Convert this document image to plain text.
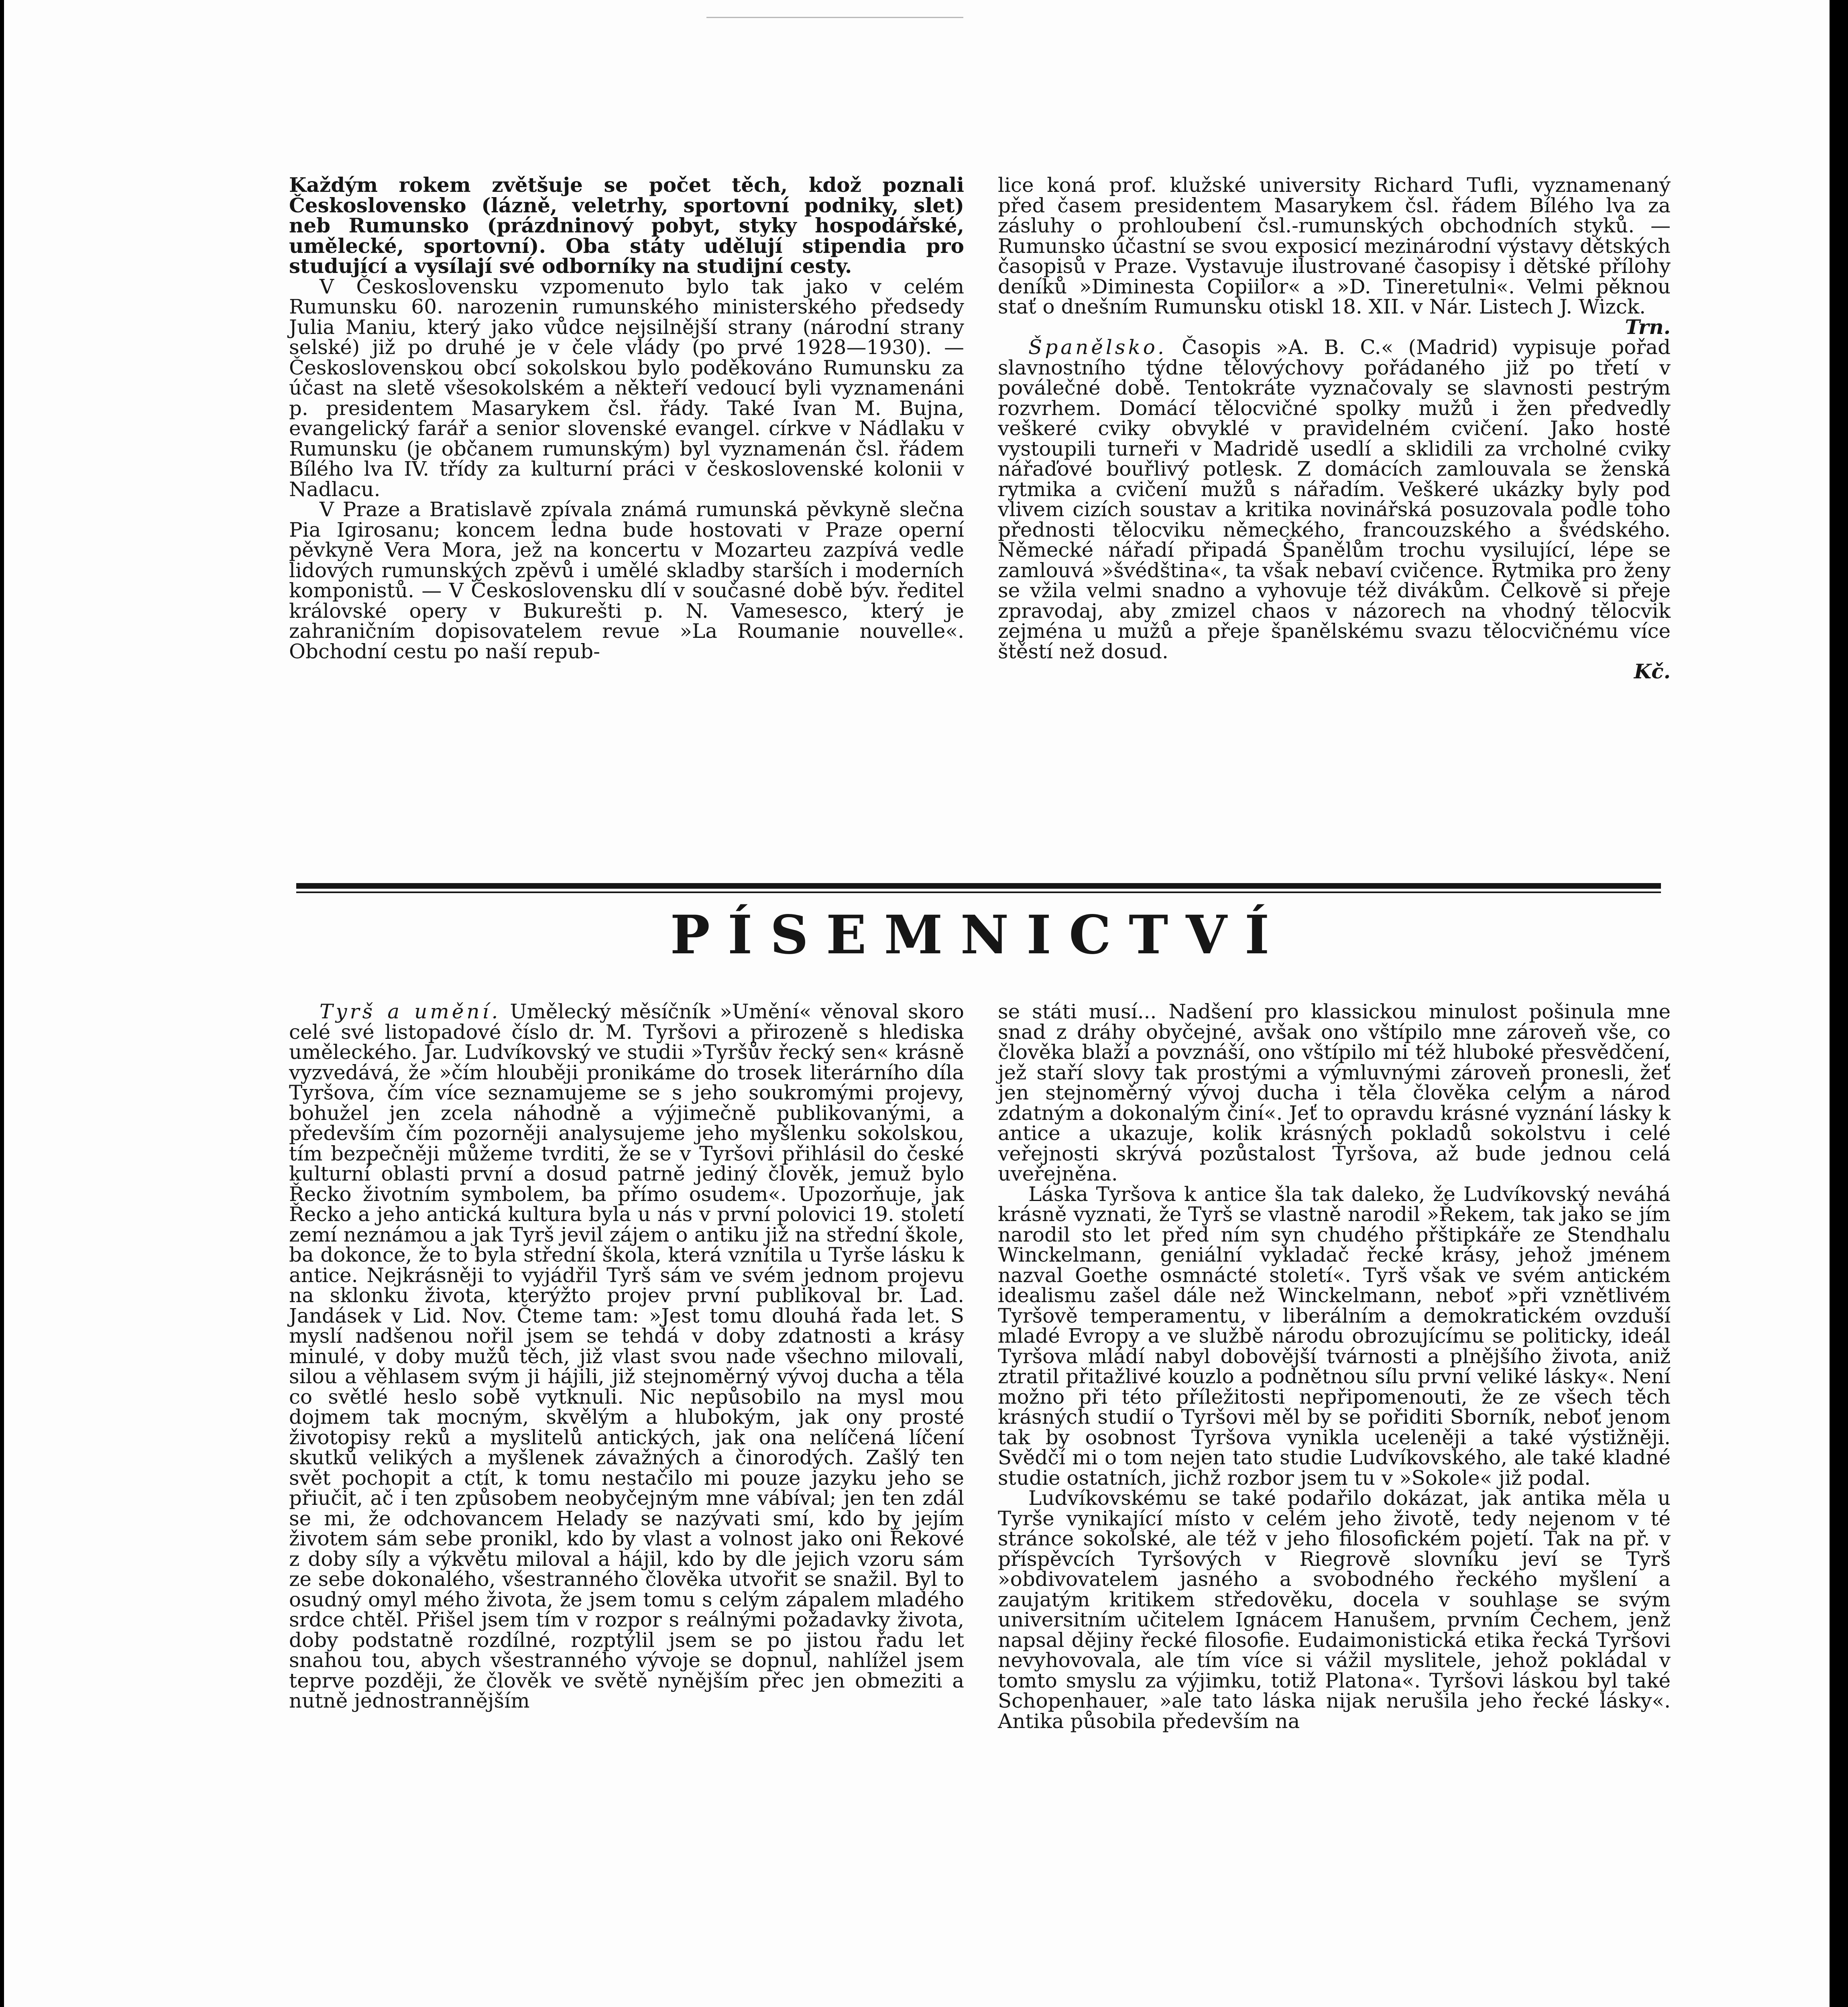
Každým rokem zvětšuje se počet těch, kdož poznali Československo (lázně, veletrhy, sportovní podniky, slet) neb Rumunsko (prázdninový pobyt, styky hospodářské, umělecké, sportovní). Oba státy udělují stipendia pro studující a vysílají své odborníky na studijní cesty.

V Československu vzpomenuto bylo tak jako v celém Rumunsku 60. narozenin rumunského ministerského předsedy Julia Maniu, který jako vůdce nejsilnější strany (národní strany selské) již po druhé je v čele vlády (po prvé 1928—1930). — Československou obcí sokolskou bylo poděkováno Rumunsku za účast na sletě všesokolském a někteří vedoucí byli vyznamenáni p. presidentem Masarykem čsl. řády. Také Ivan M. Bujna, evangelický farář a senior slovenské evangel. církve v Nádlaku v Rumunsku (je občanem rumunským) byl vyznamenán čsl. řádem Bílého lva IV. třídy za kulturní práci v československé kolonii v Nadlacu.

V Praze a Bratislavě zpívala známá rumunská pěvkyně slečna Pia Igirosanu; koncem ledna bude hostovati v Praze operní pěvkyně Vera Mora, jež na koncertu v Mozarteu zazpívá vedle lidových rumunských zpěvů i umělé skladby starších i moderních komponistů. — V Československu dlí v současné době býv. ředitel královské opery v Bukurešti p. N. Vamesesco, který je zahraničním dopisovatelem revue »La Roumanie nouvelle«. Obchodní cestu po naší repub-

lice koná prof. klužské university Richard Tufli, vyznamenaný před časem presidentem Masarykem čsl. řádem Bílého lva za zásluhy o prohloubení čsl.-rumunských obchodních styků. — Rumunsko účastní se svou exposicí mezinárodní výstavy dětských časopisů v Praze. Vystavuje ilustrované časopisy i dětské přílohy deníků »Diminesta Copiilor« a »D. Tineretulni«. Velmi pěknou stať o dnešním Rumunsku otiskl 18. XII. v Nár. Listech J. Wizck.

Trn.

Španělsko. Časopis »A. B. C.« (Madrid) vypisuje pořad slavnostního týdne tělovýchovy pořádaného již po třetí v poválečné době. Tentokráte vyznačovaly se slavnosti pestrým rozvrhem. Domácí tělocvičné spolky mužů i žen předvedly veškeré cviky obvyklé v pravidelném cvičení. Jako hosté vystoupili turneři v Madridě usedlí a sklidili za vrcholné cviky nářaďové bouřlivý potlesk. Z domácích zamlouvala se ženská rytmika a cvičení mužů s nářadím. Veškeré ukázky byly pod vlivem cizích soustav a kritika novinářská posuzovala podle toho přednosti tělocviku německého, francouzského a švédského. Německé nářadí připadá Španělům trochu vysilující, lépe se zamlouvá »švédština«, ta však nebaví cvičence. Rytmika pro ženy se vžila velmi snadno a vyhovuje též divákům. Celkově si přeje zpravodaj, aby zmizel chaos v názorech na vhodný tělocvik zejména u mužů a přeje španělskému svazu tělocvičnému více štěstí než dosud.

Kč.

PÍSEMNICTVÍ

Tyrš a umění. Umělecký měsíčník »Umění« věnoval skoro celé své listopadové číslo dr. M. Tyršovi a přirozeně s hlediska uměleckého. Jar. Ludvíkovský ve studii »Tyršův řecký sen« krásně vyzvedává, že »čím hlouběji pronikáme do trosek literárního díla Tyršova, čím více seznamujeme se s jeho soukromými projevy, bohužel jen zcela náhodně a výjimečně publikovanými, a především čím pozorněji analysujeme jeho myšlenku sokolskou, tím bezpečněji můžeme tvrditi, že se v Tyršovi přihlásil do české kulturní oblasti první a dosud patrně jediný člověk, jemuž bylo Řecko životním symbolem, ba přímo osudem«. Upozorňuje, jak Řecko a jeho antická kultura byla u nás v první polovici 19. století zemí neznámou a jak Tyrš jevil zájem o antiku již na střední škole, ba dokonce, že to byla střední škola, která vznítila u Tyrše lásku k antice. Nejkrásněji to vyjádřil Tyrš sám ve svém jednom projevu na sklonku života, kterýžto projev první publikoval br. Lad. Jandásek v Lid. Nov. Čteme tam: »Jest tomu dlouhá řada let. S myslí nadšenou nořil jsem se tehdá v doby zdatnosti a krásy minulé, v doby mužů těch, již vlast svou nade všechno milovali, silou a věhlasem svým ji hájili, již stejnoměrný vývoj ducha a těla co světlé heslo sobě vytknuli. Nic nepůsobilo na mysl mou dojmem tak mocným, skvělým a hlubokým, jak ony prosté životopisy reků a myslitelů antických, jak ona nelíčená líčení skutků velikých a myšlenek závažných a činorodých. Zašlý ten svět pochopit a ctít, k tomu nestačilo mi pouze jazyku jeho se přiučit, ač i ten způsobem neobyčejným mne vábíval; jen ten zdál se mi, že odchovancem Helady se nazývati smí, kdo by jejím životem sám sebe pronikl, kdo by vlast a volnost jako oni Řekové z doby síly a výkvětu miloval a hájil, kdo by dle jejich vzoru sám ze sebe dokonalého, všestranného člověka utvořit se snažil. Byl to osudný omyl mého života, že jsem tomu s celým zápalem mladého srdce chtěl. Přišel jsem tím v rozpor s reálnými požadavky života, doby podstatně rozdílné, rozptýlil jsem se po jistou řadu let snahou tou, abych všestranného vývoje se dopnul, nahlížel jsem teprve později, že člověk ve světě nynějším přec jen obmeziti a nutně jednostrannějším

se státi musí... Nadšení pro klassickou minulost pošinula mne snad z dráhy obyčejné, avšak ono vštípilo mne zároveň vše, co člověka blaží a povznáší, ono vštípilo mi též hluboké přesvědčení, jež staří slovy tak prostými a výmluvnými zároveň pronesli, žeť jen stejnoměrný vývoj ducha i těla člověka celým a národ zdatným a dokonalým činí«. Jeť to opravdu krásné vyznání lásky k antice a ukazuje, kolik krásných pokladů sokolstvu i celé veřejnosti skrývá pozůstalost Tyršova, až bude jednou celá uveřejněna.

Láska Tyršova k antice šla tak daleko, že Ludvíkovský neváhá krásně vyznati, že Tyrš se vlastně narodil »Řekem, tak jako se jím narodil sto let před ním syn chudého přštipkáře ze Stendhalu Winckelmann, geniální vykladač řecké krásy, jehož jménem nazval Goethe osmnácté století«. Tyrš však ve svém antickém idealismu zašel dále než Winckelmann, neboť »při vznětlivém Tyršově temperamentu, v liberálním a demokratickém ovzduší mladé Evropy a ve službě národu obrozujícímu se politicky, ideál Tyršova mládí nabyl dobovější tvárnosti a plnějšího života, aniž ztratil přitažlivé kouzlo a podnětnou sílu první veliké lásky«. Není možno při této příležitosti nepřipomenouti, že ze všech těch krásných studií o Tyršovi měl by se pořiditi Sborník, neboť jenom tak by osobnost Tyršova vynikla uceleněji a také výstižněji. Svědčí mi o tom nejen tato studie Ludvíkovského, ale také kladné studie ostatních, jichž rozbor jsem tu v »Sokole« již podal.

Ludvíkovskému se také podařilo dokázat, jak antika měla u Tyrše vynikající místo v celém jeho životě, tedy nejenom v té stránce sokolské, ale též v jeho filosofickém pojetí. Tak na př. v příspěvcích Tyršových v Riegrově slovníku jeví se Tyrš »obdivovatelem jasného a svobodného řeckého myšlení a zaujatým kritikem středověku, docela v souhlase se svým universitním učitelem Ignácem Hanušem, prvním Čechem, jenž napsal dějiny řecké filosofie. Eudaimonistická etika řecká Tyršovi nevyhovovala, ale tím více si vážil myslitele, jehož pokládal v tomto smyslu za výjimku, totiž Platona«. Tyršovi láskou byl také Schopenhauer, »ale tato láska nijak nerušila jeho řecké lásky«. Antika působila především na
